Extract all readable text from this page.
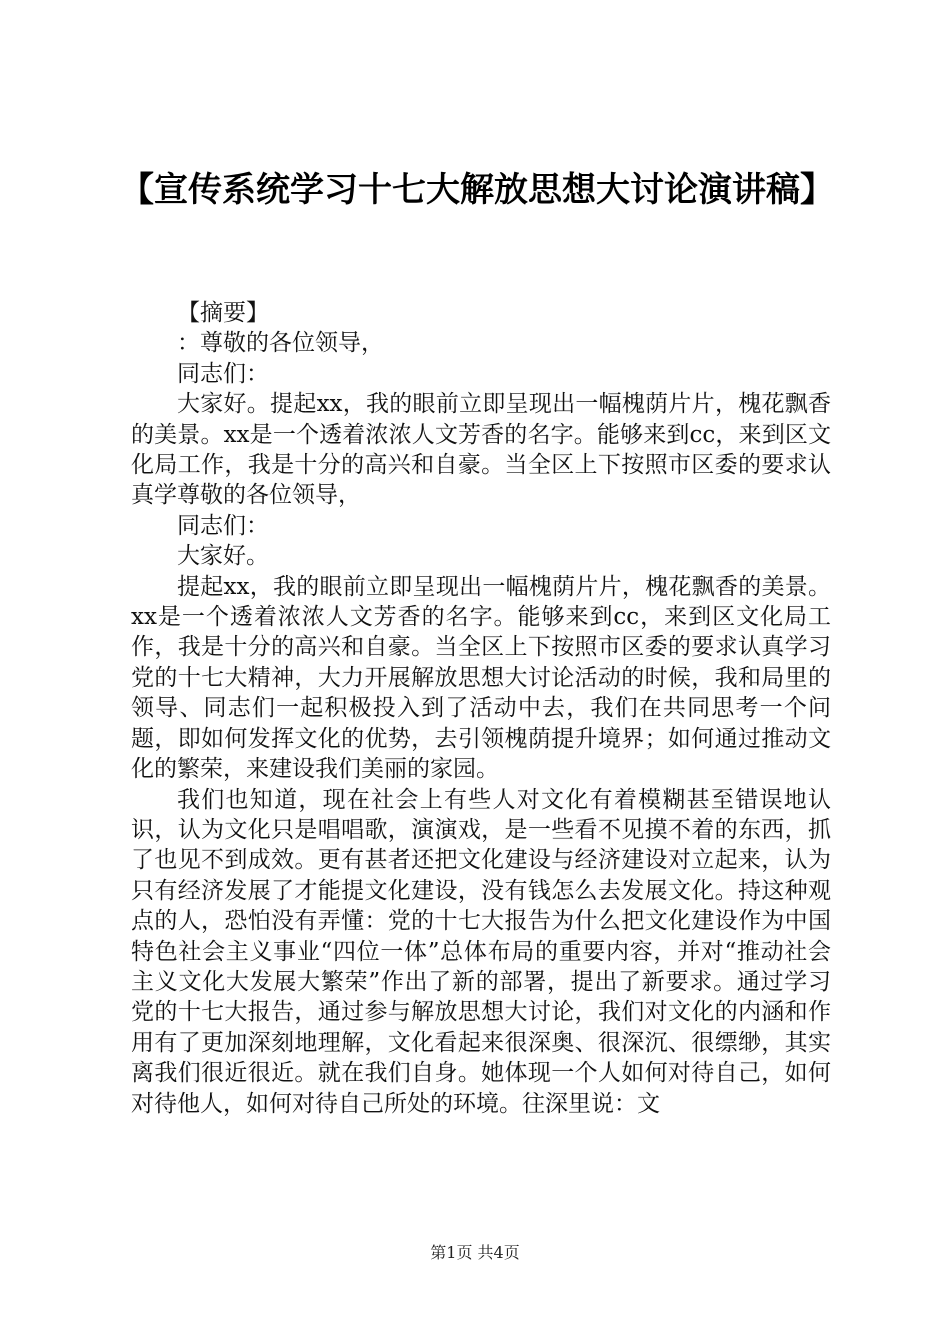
【宣传系统学习十七大解放思想大讨论演讲稿】

【摘要】

：尊敬的各位领导，

同志们：

大家好。提起xx，我的眼前立即呈现出一幅槐荫片片，槐花飘香的美景。xx是一个透着浓浓人文芳香的名字。能够来到cc，来到区文化局工作，我是十分的高兴和自豪。当全区上下按照市区委的要求认真学尊敬的各位领导，

同志们：

大家好。

提起xx，我的眼前立即呈现出一幅槐荫片片，槐花飘香的美景。xx是一个透着浓浓人文芳香的名字。能够来到cc，来到区文化局工作，我是十分的高兴和自豪。当全区上下按照市区委的要求认真学习党的十七大精神，大力开展解放思想大讨论活动的时候，我和局里的领导、同志们一起积极投入到了活动中去，我们在共同思考一个问题，即如何发挥文化的优势，去引领槐荫提升境界；如何通过推动文化的繁荣，来建设我们美丽的家园。

我们也知道，现在社会上有些人对文化有着模糊甚至错误地认识，认为文化只是唱唱歌，演演戏，是一些看不见摸不着的东西，抓了也见不到成效。更有甚者还把文化建设与经济建设对立起来，认为只有经济发展了才能提文化建设，没有钱怎么去发展文化。持这种观点的人，恐怕没有弄懂：党的十七大报告为什么把文化建设作为中国特色社会主义事业“四位一体”总体布局的重要内容，并对“推动社会主义文化大发展大繁荣”作出了新的部署，提出了新要求。通过学习党的十七大报告，通过参与解放思想大讨论，我们对文化的内涵和作用有了更加深刻地理解，文化看起来很深奥、很深沉、很缥缈，其实离我们很近很近。就在我们自身。她体现一个人如何对待自己，如何对待他人，如何对待自己所处的环境。往深里说：文

第1页 共4页
